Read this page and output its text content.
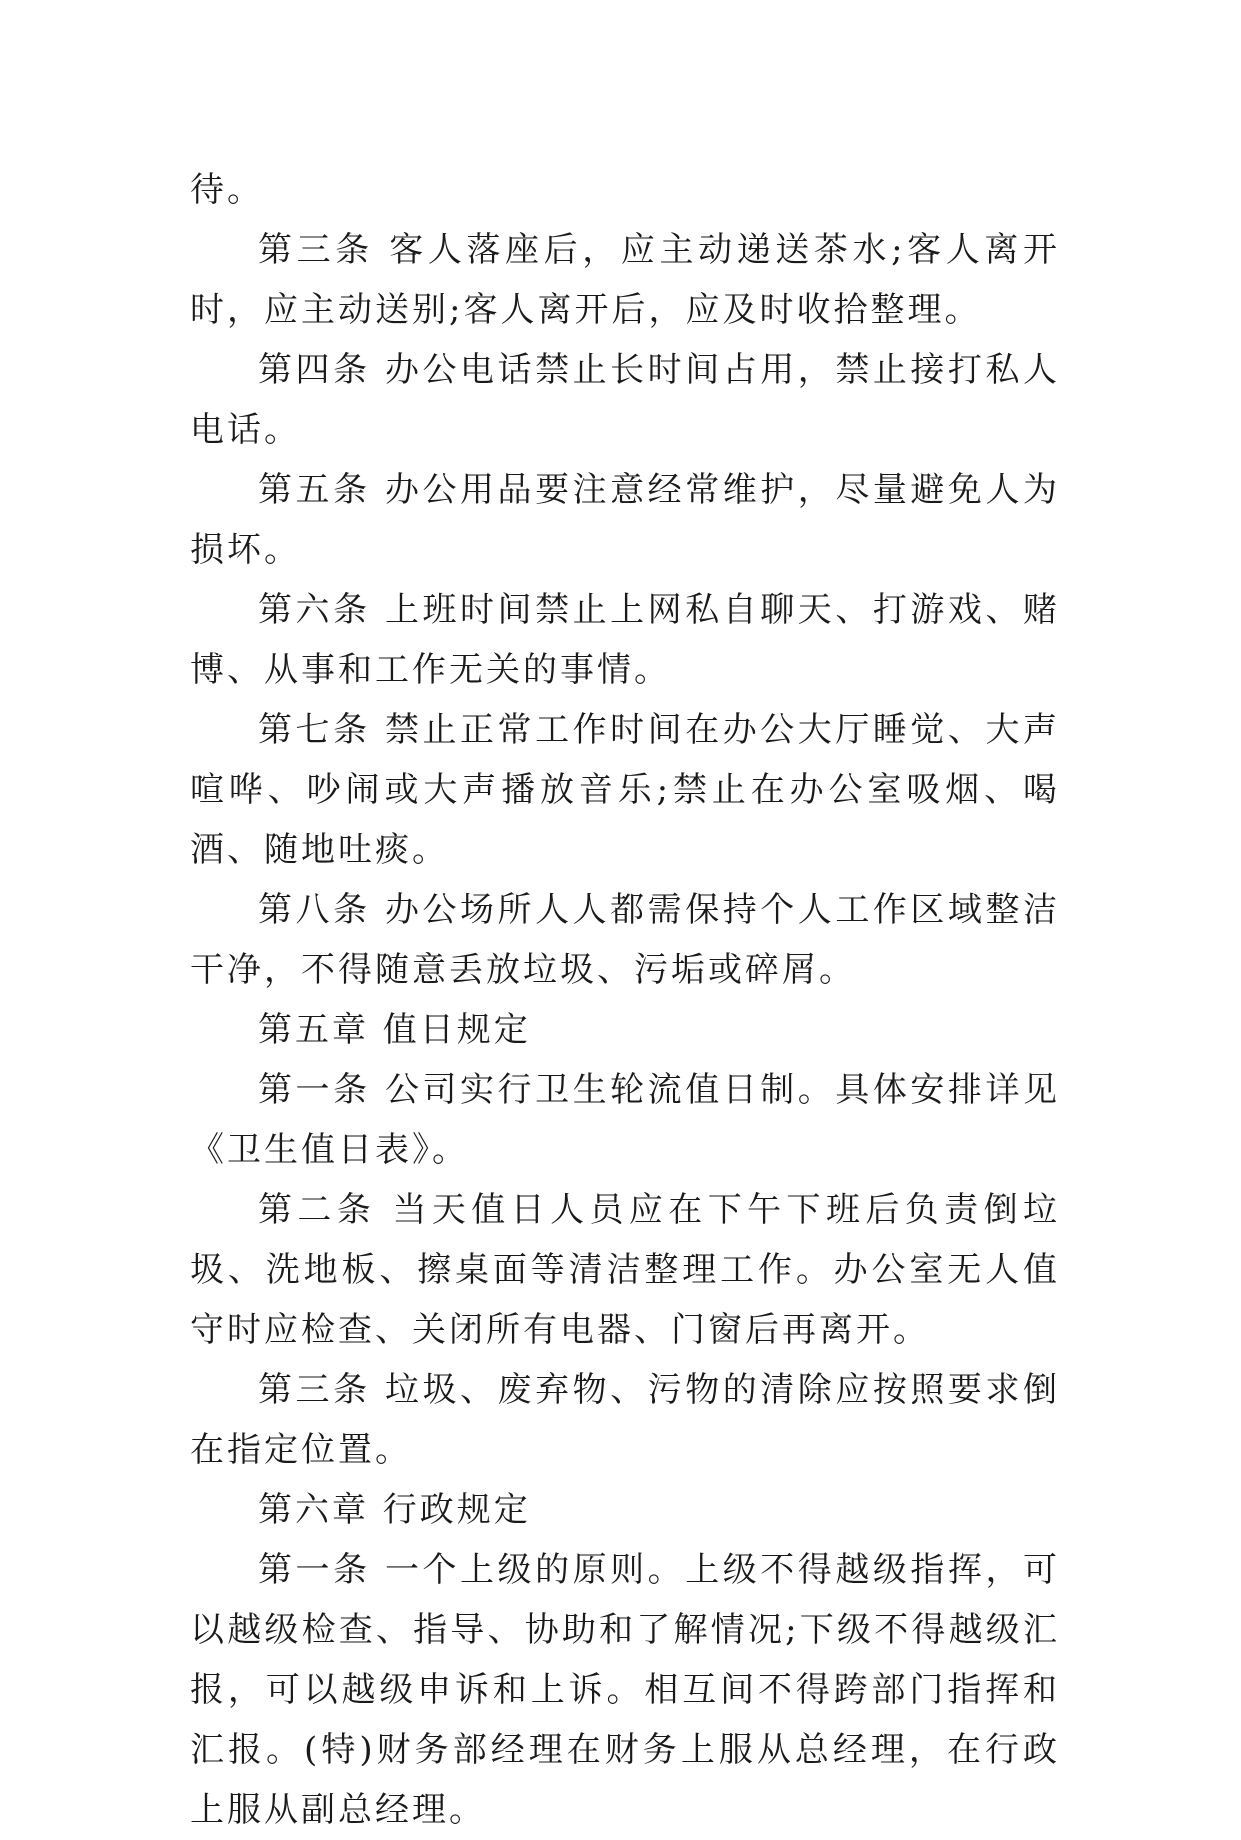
待。

第三条 客人落座后，应主动递送茶水;客人离开时，应主动送别;客人离开后，应及时收拾整理。

第四条 办公电话禁止长时间占用，禁止接打私人电话。

第五条 办公用品要注意经常维护，尽量避免人为损坏。

第六条 上班时间禁止上网私自聊天、打游戏、赌博、从事和工作无关的事情。

第七条 禁止正常工作时间在办公大厅睡觉、大声喧哗、吵闹或大声播放音乐;禁止在办公室吸烟、喝酒、随地吐痰。

第八条 办公场所人人都需保持个人工作区域整洁干净，不得随意丢放垃圾、污垢或碎屑。

第五章 值日规定

第一条 公司实行卫生轮流值日制。具体安排详见《卫生值日表》。

第二条 当天值日人员应在下午下班后负责倒垃圾、洗地板、擦桌面等清洁整理工作。办公室无人值守时应检查、关闭所有电器、门窗后再离开。

第三条 垃圾、废弃物、污物的清除应按照要求倒在指定位置。

第六章 行政规定

第一条 一个上级的原则。上级不得越级指挥，可以越级检查、指导、协助和了解情况;下级不得越级汇报，可以越级申诉和上诉。相互间不得跨部门指挥和汇报。(特)财务部经理在财务上服从总经理，在行政上服从副总经理。
